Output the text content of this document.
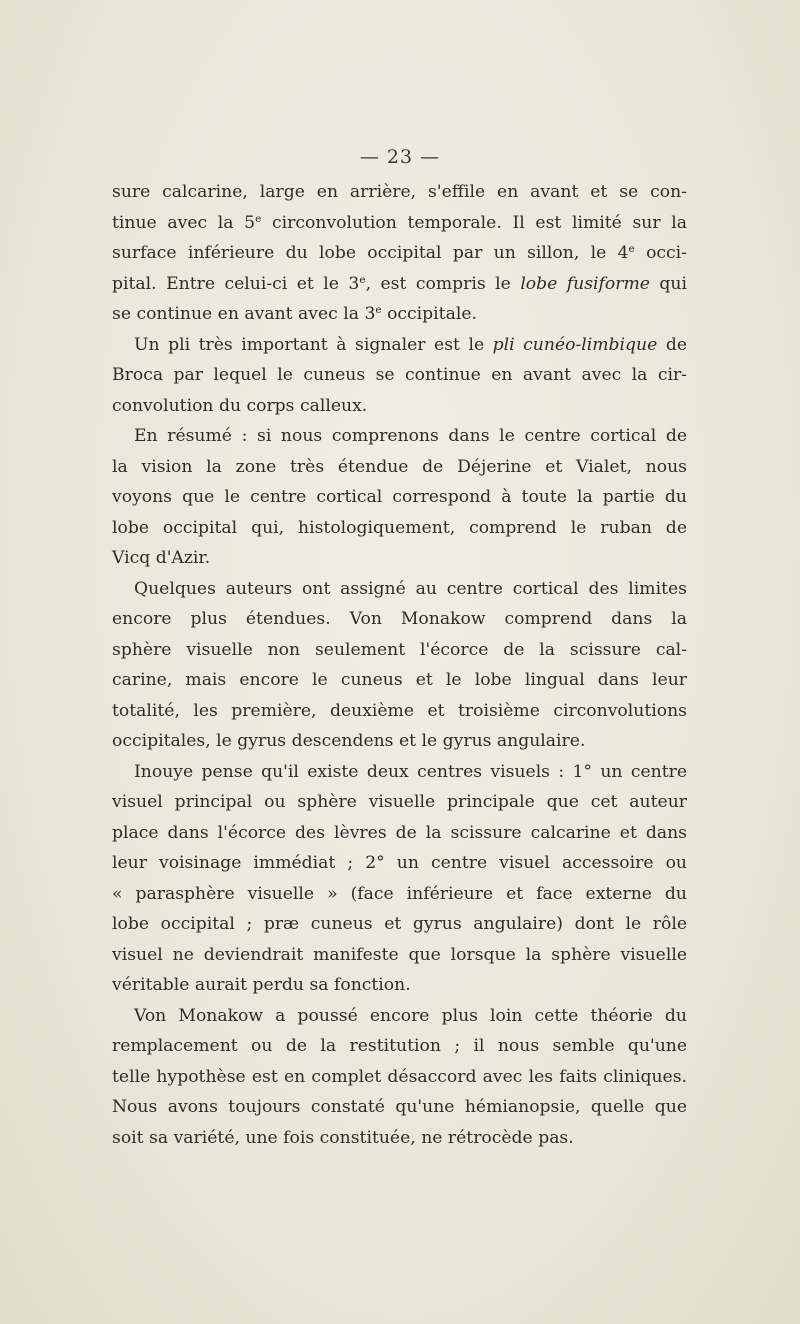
— 23 —
sure calcarine, large en arrière, s'effile en avant et se con-
tinue avec la 5e circonvolution temporale. Il est limité sur la
surface inférieure du lobe occipital par un sillon, le 4e occi-
pital. Entre celui-ci et le 3e, est compris le lobe fusiforme qui
se continue en avant avec la 3e occipitale.
Un pli très important à signaler est le pli cunéo-limbique de
Broca par lequel le cuneus se continue en avant avec la cir-
convolution du corps calleux.
En résumé : si nous comprenons dans le centre cortical de
la vision la zone très étendue de Déjerine et Vialet, nous
voyons que le centre cortical correspond à toute la partie du
lobe occipital qui, histologiquement, comprend le ruban de
Vicq d'Azir.
Quelques auteurs ont assigné au centre cortical des limites
encore plus étendues. Von Monakow comprend dans la
sphère visuelle non seulement l'écorce de la scissure cal-
carine, mais encore le cuneus et le lobe lingual dans leur
totalité, les première, deuxième et troisième circonvolutions
occipitales, le gyrus descendens et le gyrus angulaire.
Inouye pense qu'il existe deux centres visuels : 1° un centre
visuel principal ou sphère visuelle principale que cet auteur
place dans l'écorce des lèvres de la scissure calcarine et dans
leur voisinage immédiat ; 2° un centre visuel accessoire ou
« parasphère visuelle » (face inférieure et face externe du
lobe occipital ; præ cuneus et gyrus angulaire) dont le rôle
visuel ne deviendrait manifeste que lorsque la sphère visuelle
véritable aurait perdu sa fonction.
Von Monakow a poussé encore plus loin cette théorie du
remplacement ou de la restitution ; il nous semble qu'une
telle hypothèse est en complet désaccord avec les faits cliniques.
Nous avons toujours constaté qu'une hémianopsie, quelle que
soit sa variété, une fois constituée, ne rétrocède pas.
